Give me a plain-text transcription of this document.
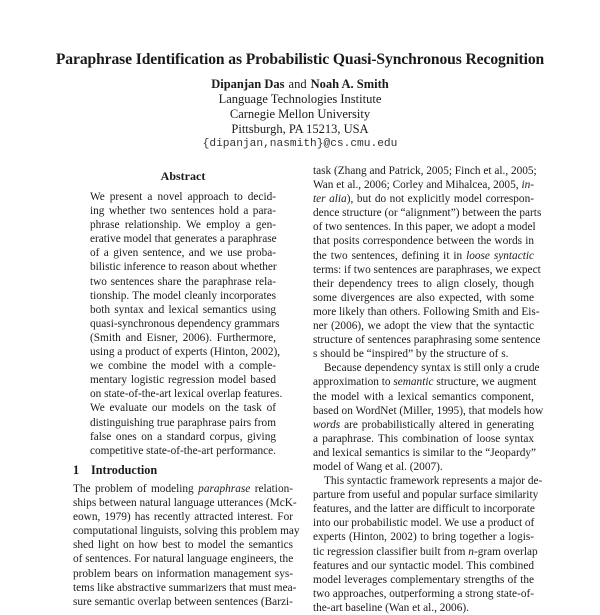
Paraphrase Identification as Probabilistic Quasi-Synchronous Recognition
Dipanjan Das and Noah A. Smith
Language Technologies Institute
Carnegie Mellon University
Pittsburgh, PA 15213, USA
{dipanjan,nasmith}@cs.cmu.edu
Abstract
We present a novel approach to decid-
ing whether two sentences hold a para-
phrase relationship. We employ a gen-
erative model that generates a paraphrase
of a given sentence, and we use proba-
bilistic inference to reason about whether
two sentences share the paraphrase rela-
tionship. The model cleanly incorporates
both syntax and lexical semantics using
quasi-synchronous dependency grammars
(Smith and Eisner, 2006). Furthermore,
using a product of experts (Hinton, 2002),
we combine the model with a comple-
mentary logistic regression model based
on state-of-the-art lexical overlap features.
We evaluate our models on the task of
distinguishing true paraphrase pairs from
false ones on a standard corpus, giving
competitive state-of-the-art performance.
1 Introduction
The problem of modeling paraphrase relation-
ships between natural language utterances (McK-
eown, 1979) has recently attracted interest. For
computational linguists, solving this problem may
shed light on how best to model the semantics
of sentences. For natural language engineers, the
problem bears on information management sys-
tems like abstractive summarizers that must mea-
sure semantic overlap between sentences (Barzi-
task (Zhang and Patrick, 2005; Finch et al., 2005;
Wan et al., 2006; Corley and Mihalcea, 2005, in-
ter alia), but do not explicitly model correspon-
dence structure (or “alignment”) between the parts
of two sentences. In this paper, we adopt a model
that posits correspondence between the words in
the two sentences, defining it in loose syntactic
terms: if two sentences are paraphrases, we expect
their dependency trees to align closely, though
some divergences are also expected, with some
more likely than others. Following Smith and Eis-
ner (2006), we adopt the view that the syntactic
structure of sentences paraphrasing some sentence
s should be “inspired” by the structure of s.
Because dependency syntax is still only a crude
approximation to semantic structure, we augment
the model with a lexical semantics component,
based on WordNet (Miller, 1995), that models how
words are probabilistically altered in generating
a paraphrase. This combination of loose syntax
and lexical semantics is similar to the “Jeopardy”
model of Wang et al. (2007).
This syntactic framework represents a major de-
parture from useful and popular surface similarity
features, and the latter are difficult to incorporate
into our probabilistic model. We use a product of
experts (Hinton, 2002) to bring together a logis-
tic regression classifier built from n-gram overlap
features and our syntactic model. This combined
model leverages complementary strengths of the
two approaches, outperforming a strong state-of-
the-art baseline (Wan et al., 2006).
